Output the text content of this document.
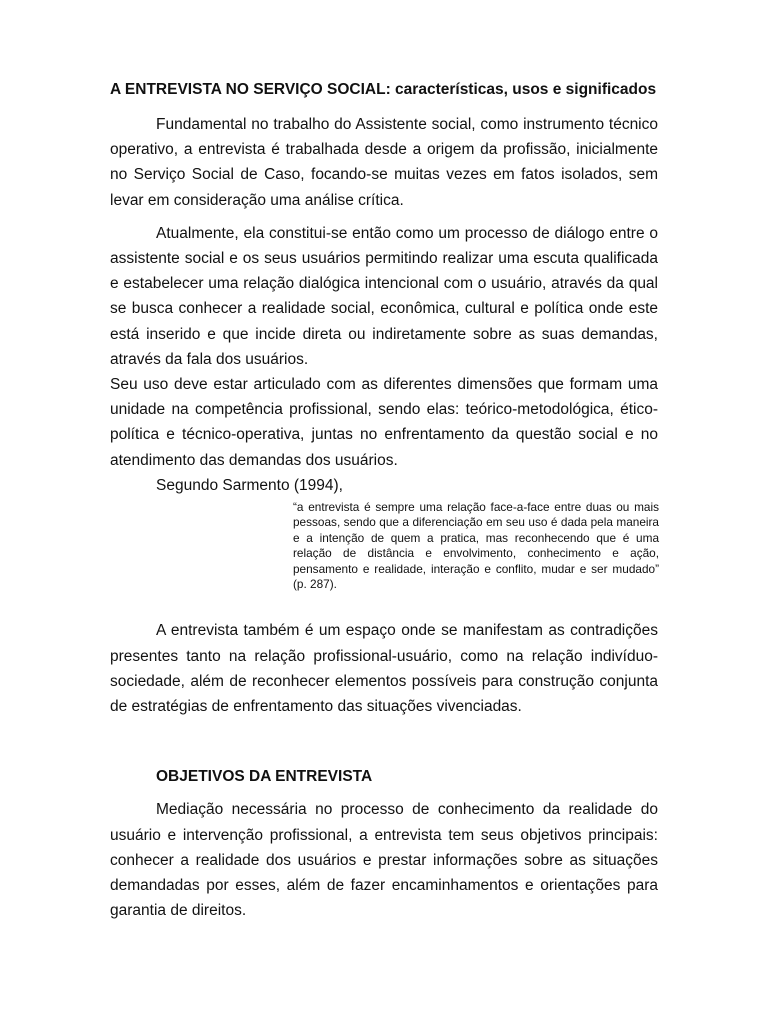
A ENTREVISTA NO SERVIÇO SOCIAL: características, usos e significados

Fundamental no trabalho do Assistente social, como instrumento técnico operativo, a entrevista é trabalhada desde a origem da profissão, inicialmente no Serviço Social de Caso, focando-se muitas vezes em fatos isolados, sem levar em consideração uma análise crítica.

Atualmente, ela constitui-se então como um processo de diálogo entre o assistente social e os seus usuários permitindo realizar uma escuta qualificada e estabelecer uma relação dialógica intencional com o usuário, através da qual se busca conhecer a realidade social, econômica, cultural e política onde este está inserido e que incide direta ou indiretamente sobre as suas demandas, através da fala dos usuários.

Seu uso deve estar articulado com as diferentes dimensões que formam uma unidade na competência profissional, sendo elas: teórico-metodológica, ético-política e técnico-operativa, juntas no enfrentamento da questão social e no atendimento das demandas dos usuários.

Segundo Sarmento (1994),

“a entrevista é sempre uma relação face-a-face entre duas ou mais pessoas, sendo que a diferenciação em seu uso é dada pela maneira e a intenção de quem a pratica, mas reconhecendo que é uma relação de distância e envolvimento, conhecimento e ação, pensamento e realidade, interação e conflito, mudar e ser mudado” (p. 287).

A entrevista também é um espaço onde se manifestam as contradições presentes tanto na relação profissional-usuário, como na relação indivíduo-sociedade, além de reconhecer elementos possíveis para construção conjunta de estratégias de enfrentamento das situações vivenciadas.

OBJETIVOS DA ENTREVISTA

Mediação necessária no processo de conhecimento da realidade do usuário e intervenção profissional, a entrevista tem seus objetivos principais: conhecer a realidade dos usuários e prestar informações sobre as situações demandadas por esses, além de fazer encaminhamentos e orientações para garantia de direitos.
